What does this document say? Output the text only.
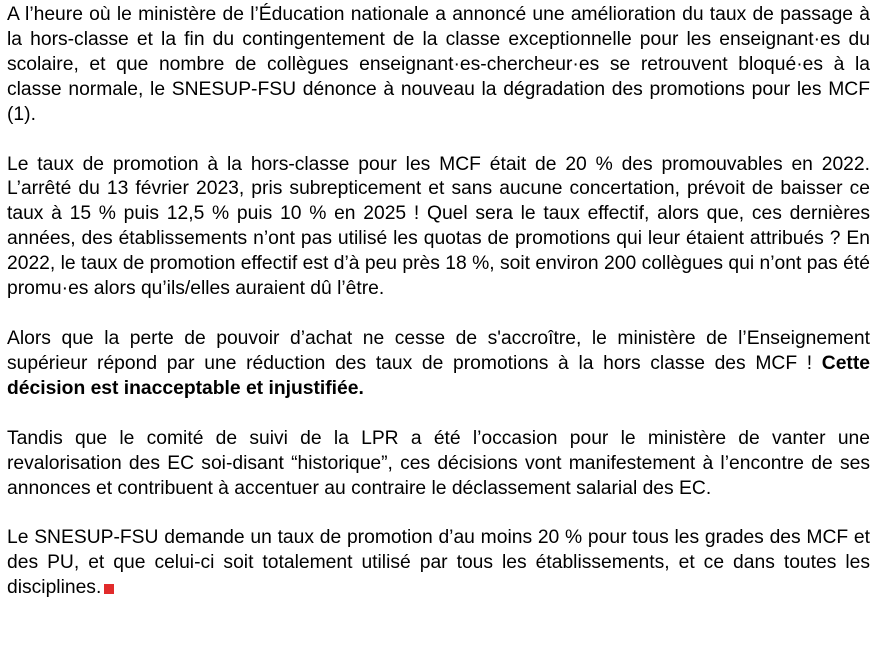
A l’heure où le ministère de l’Éducation nationale a annoncé une amélioration du taux de passage à la hors-classe et la fin du contingentement de la classe exceptionnelle pour les enseignant·es du scolaire, et que nombre de collègues enseignant·es-chercheur·es se retrouvent bloqué·es à la classe normale, le SNESUP-FSU dénonce à nouveau la dégradation des promotions pour les MCF (1).

Le taux de promotion à la hors-classe pour les MCF était de 20 % des promouvables en 2022. L’arrêté du 13 février 2023, pris subrepticement et sans aucune concertation, prévoit de baisser ce taux à 15 % puis 12,5 % puis 10 % en 2025 ! Quel sera le taux effectif, alors que, ces dernières années, des établissements n’ont pas utilisé les quotas de promotions qui leur étaient attribués ? En 2022, le taux de promotion effectif est d’à peu près 18 %, soit environ 200 collègues qui n’ont pas été promu·es alors qu’ils/elles auraient dû l’être.

Alors que la perte de pouvoir d’achat ne cesse de s'accroître, le ministère de l’Enseignement supérieur répond par une réduction des taux de promotions à la hors classe des MCF ! Cette décision est inacceptable et injustifiée.

Tandis que le comité de suivi de la LPR a été l’occasion pour le ministère de vanter une revalorisation des EC soi-disant “historique”, ces décisions vont manifestement à l’encontre de ses annonces et contribuent à accentuer au contraire le déclassement salarial des EC.

Le SNESUP-FSU demande un taux de promotion d’au moins 20 % pour tous les grades des MCF et des PU, et que celui-ci soit totalement utilisé par tous les établissements, et ce dans toutes les disciplines.
